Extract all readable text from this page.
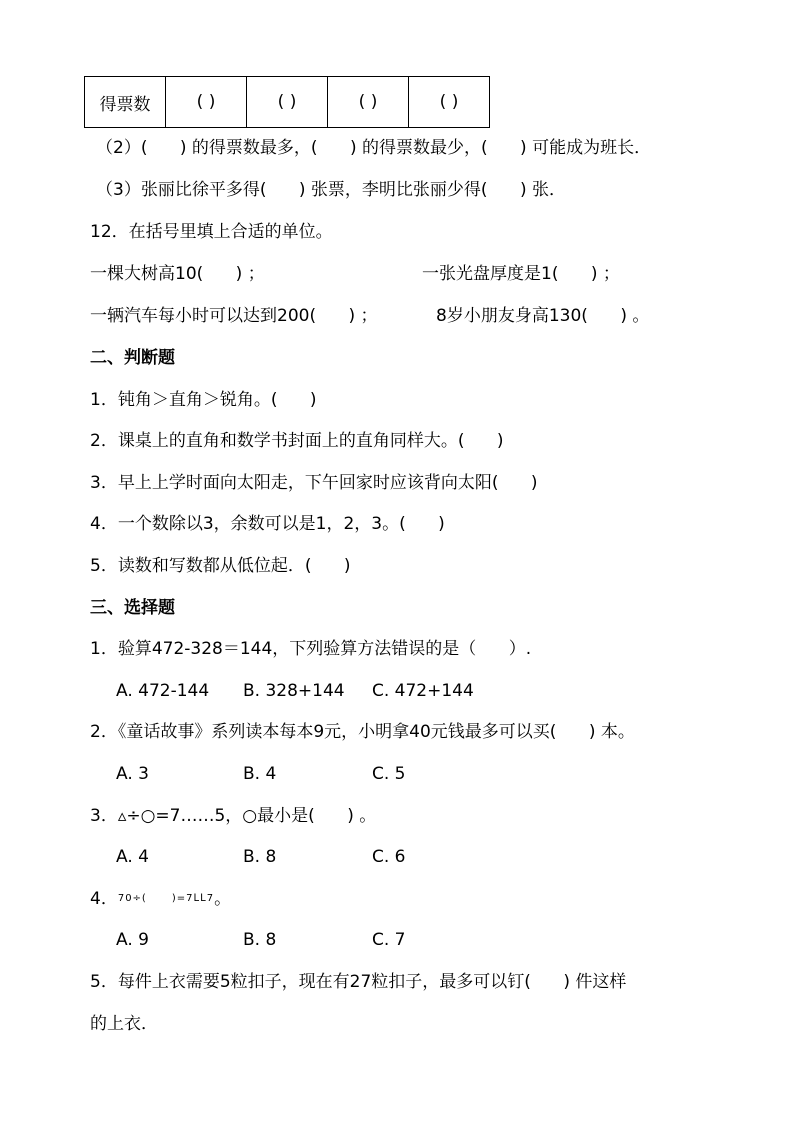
得票数	( )	( )	( )	( )
（2）(      ) 的得票数最多，(      ) 的得票数最少，(      ) 可能成为班长．
（3）张丽比徐平多得(      ) 张票，李明比张丽少得(      ) 张．
12．在括号里填上合适的单位。
一棵大树高10(      ) ；	一张光盘厚度是1(      ) ；
一辆汽车每小时可以达到200(      ) ；	8岁小朋友身高130(      ) 。
二、判断题
1．钝角＞直角＞锐角。(      )
2．课桌上的直角和数学书封面上的直角同样大。(      )
3．早上上学时面向太阳走，下午回家时应该背向太阳(      )
4．一个数除以3，余数可以是1，2，3。(      )
5．读数和写数都从低位起．(      )
三、选择题
1．验算472-328＝144，下列验算方法错误的是（      ）.
A. 472-144 B. 328+144 C. 472+144
2．《童话故事》系列读本每本9元，小明拿40元钱最多可以买(      ) 本。
A. 3	B. 4	C. 5
3．▵÷○=7……5，○最小是(      ) 。
A. 4	B. 8	C. 6
4．70÷(      )=7ᒪᒪ7。
A. 9	B. 8	C. 7
5．每件上衣需要5粒扣子，现在有27粒扣子，最多可以钉(      ) 件这样
的上衣．
